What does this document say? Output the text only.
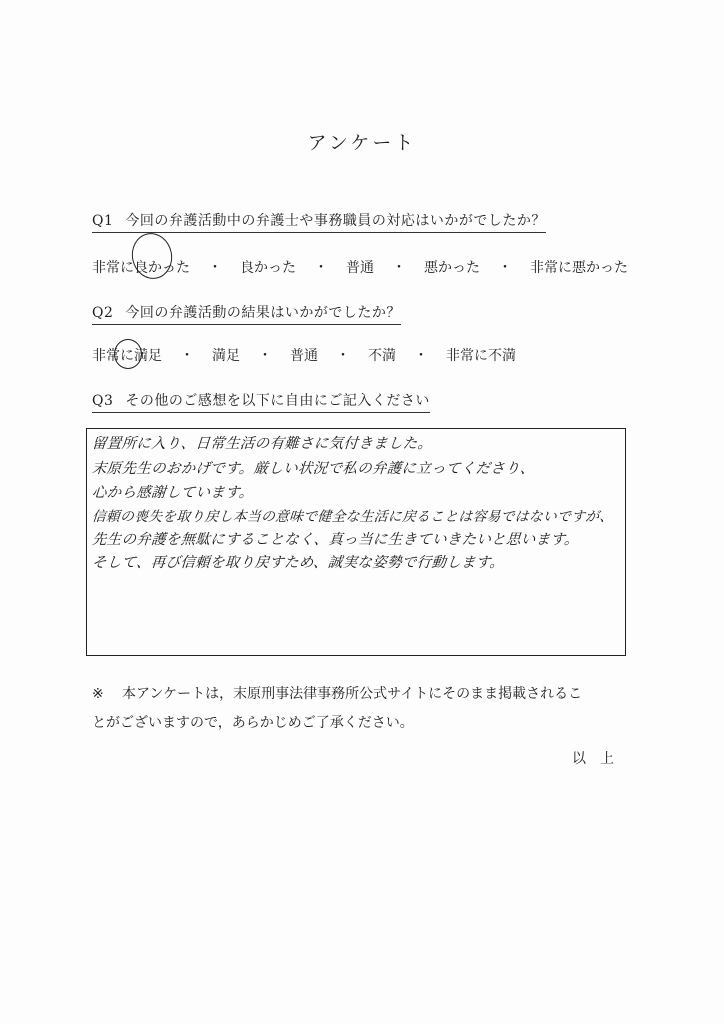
アンケート
Q1 今回の弁護活動中の弁護士や事務職員の対応はいかがでしたか？
非常に良かった ・ 良かった ・ 普通 ・ 悪かった ・ 非常に悪かった
Q2 今回の弁護活動の結果はいかがでしたか？
非常に満足 ・ 満足 ・ 普通 ・ 不満 ・ 非常に不満
Q3 その他のご感想を以下に自由にご記入ください
留置所に入り、日常生活の有難さに気付きました。
末原先生のおかげです。厳しい状況で私の弁護に立ってくださり、
心から感謝しています。
信頼の喪失を取り戻し本当の意味で健全な生活に戻ることは容易ではないですが、
先生の弁護を無駄にすることなく、真っ当に生きていきたいと思います。
そして、再び信頼を取り戻すため、誠実な姿勢で行動します。
※ 本アンケートは，末原刑事法律事務所公式サイトにそのまま掲載されるこ
とがございますので，あらかじめご了承ください。
以上
